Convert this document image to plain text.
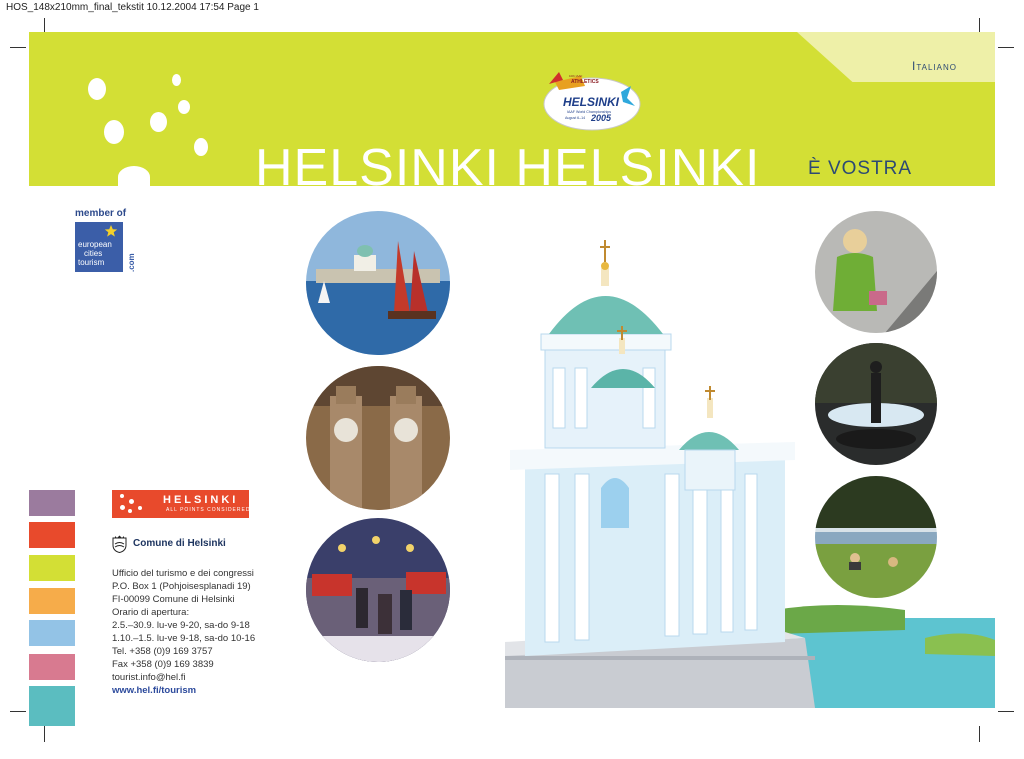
HOS_148x210mm_final_tekstit 10.12.2004 17:54 Page 1
Italiano
HELSINKI HELSINKI	È VOSTRA
ATHLETICS
10th IAAF
HELSINKI
IAAF World Championships
August 6–14 2005
member of
european
cities
tourism	.com
HELSINKI
ALL POINTS CONSIDERED
Comune di Helsinki
Ufficio del turismo e dei congressi
P.O. Box 1 (Pohjoisesplanadi 19)
FI-00099 Comune di Helsinki
Orario di apertura:
2.5.–30.9. lu-ve 9-20, sa-do 9-18
1.10.–1.5. lu-ve 9-18, sa-do 10-16
Tel. +358 (0)9 169 3757
Fax +358 (0)9 169 3839
tourist.info@hel.fi
www.hel.fi/tourism
